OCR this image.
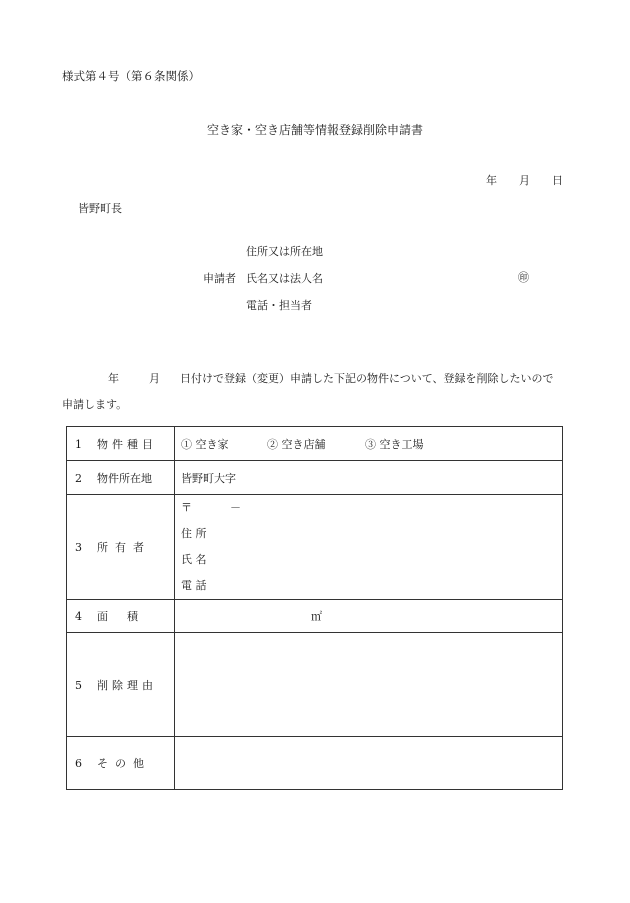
様式第４号（第６条関係）
空き家・空き店舗等情報登録削除申請書
年 月 日
皆野町長
申請者
住所又は所在地
氏名又は法人名	㊞
電話・担当者
年	月 日付けで登録（変更）申請した下記の物件について、登録を削除したいので
申請します。
1 物件種目	① 空き家 ② 空き店舗 ③ 空き工場
2 物件所在地	皆野町大字
3 所有者	〒 －
住 所
氏 名
電 話

4 面　積	㎡
5 削除理由	
6 その他	
